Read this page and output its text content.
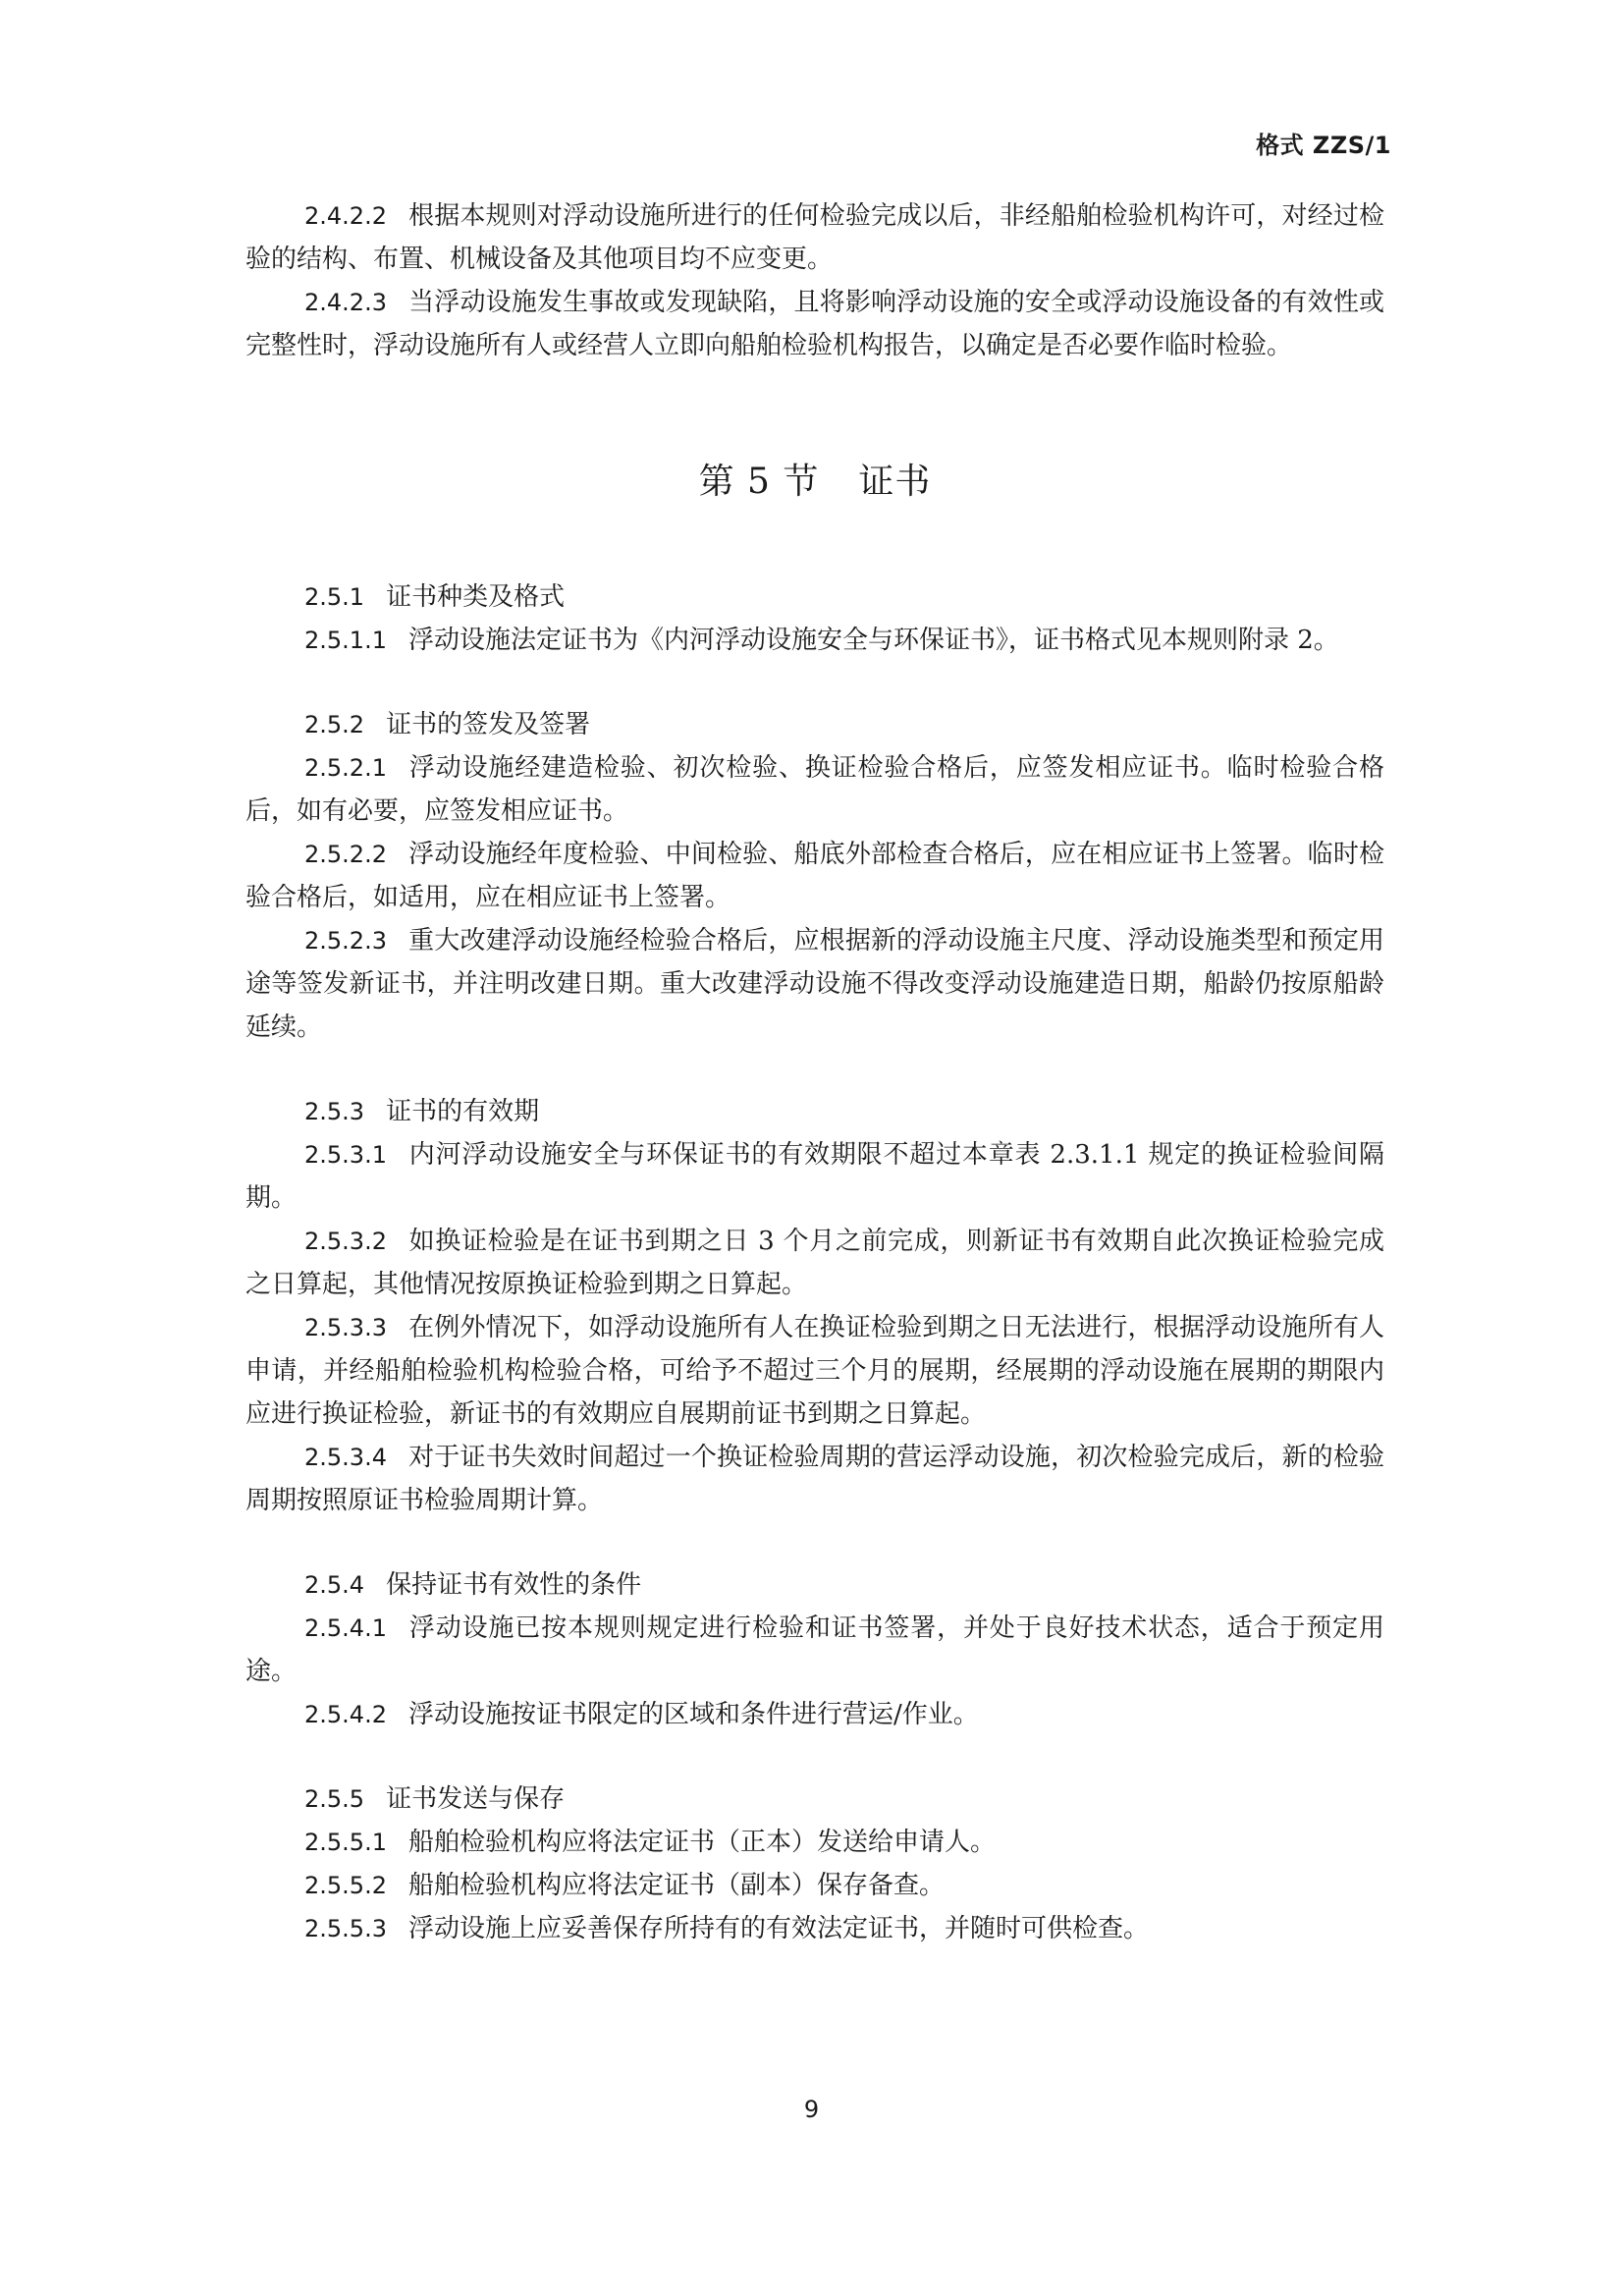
格式 ZZS/1

2.4.2.2 根据本规则对浮动设施所进行的任何检验完成以后，非经船舶检验机构许可，对经过检验的结构、布置、机械设备及其他项目均不应变更。

2.4.2.3 当浮动设施发生事故或发现缺陷，且将影响浮动设施的安全或浮动设施设备的有效性或完整性时，浮动设施所有人或经营人立即向船舶检验机构报告，以确定是否必要作临时检验。

第 5 节 证书

2.5.1 证书种类及格式

2.5.1.1 浮动设施法定证书为《内河浮动设施安全与环保证书》，证书格式见本规则附录 2。

2.5.2 证书的签发及签署

2.5.2.1 浮动设施经建造检验、初次检验、换证检验合格后，应签发相应证书。临时检验合格后，如有必要，应签发相应证书。

2.5.2.2 浮动设施经年度检验、中间检验、船底外部检查合格后，应在相应证书上签署。临时检验合格后，如适用，应在相应证书上签署。

2.5.2.3 重大改建浮动设施经检验合格后，应根据新的浮动设施主尺度、浮动设施类型和预定用途等签发新证书，并注明改建日期。重大改建浮动设施不得改变浮动设施建造日期，船龄仍按原船龄延续。

2.5.3 证书的有效期

2.5.3.1 内河浮动设施安全与环保证书的有效期限不超过本章表 2.3.1.1 规定的换证检验间隔期。

2.5.3.2 如换证检验是在证书到期之日 3 个月之前完成，则新证书有效期自此次换证检验完成之日算起，其他情况按原换证检验到期之日算起。

2.5.3.3 在例外情况下，如浮动设施所有人在换证检验到期之日无法进行，根据浮动设施所有人申请，并经船舶检验机构检验合格，可给予不超过三个月的展期，经展期的浮动设施在展期的期限内应进行换证检验，新证书的有效期应自展期前证书到期之日算起。

2.5.3.4 对于证书失效时间超过一个换证检验周期的营运浮动设施，初次检验完成后，新的检验周期按照原证书检验周期计算。

2.5.4 保持证书有效性的条件

2.5.4.1 浮动设施已按本规则规定进行检验和证书签署，并处于良好技术状态，适合于预定用途。

2.5.4.2 浮动设施按证书限定的区域和条件进行营运/作业。

2.5.5 证书发送与保存

2.5.5.1 船舶检验机构应将法定证书（正本）发送给申请人。

2.5.5.2 船舶检验机构应将法定证书（副本）保存备查。

2.5.5.3 浮动设施上应妥善保存所持有的有效法定证书，并随时可供检查。

9
